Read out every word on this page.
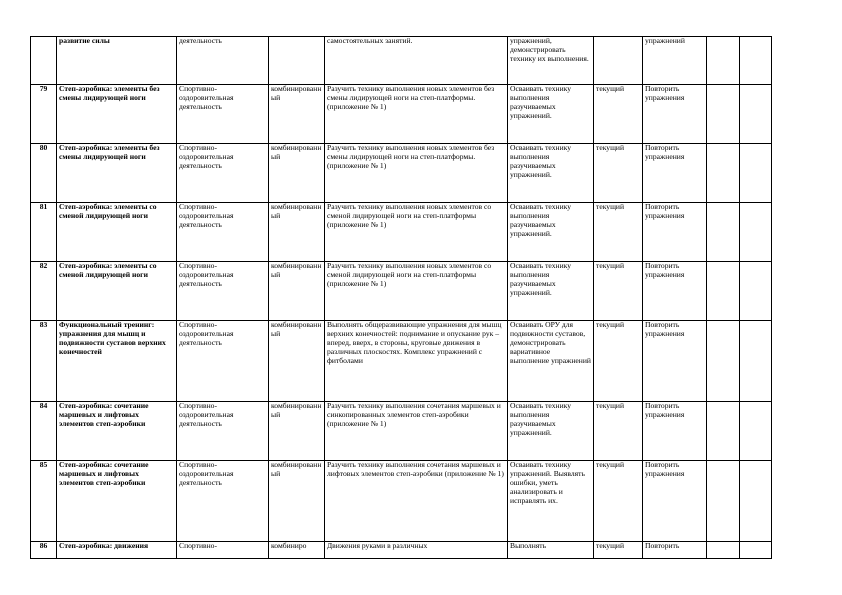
	развитие силы	деятельность		самостоятельных занятий.	упражнений, демонстрировать технику их выполнения.		упражнений		
79	Степ-аэробика: элементы без смены лидирующей ноги	Спортивно-оздоровительная деятельность	комбинированный	Разучить технику выполнения новых элементов без смены лидирующей ноги на степ-платформы. (приложение № 1)	Осваивать технику выполнения разучиваемых упражнений.	текущий	Повторить упражнения		
80	Степ-аэробика: элементы без смены лидирующей ноги	Спортивно-оздоровительная деятельность	комбинированный	Разучить технику выполнения новых элементов без смены лидирующей ноги на степ-платформы. (приложение № 1)	Осваивать технику выполнения разучиваемых упражнений.	текущий	Повторить упражнения		
81	Степ-аэробика: элементы со сменой лидирующей ноги	Спортивно-оздоровительная деятельность	комбинированный	Разучить технику выполнения новых элементов со сменой лидирующей ноги на степ-платформы (приложение № 1)	Осваивать технику выполнения разучиваемых упражнений.	текущий	Повторить упражнения		
82	Степ-аэробика: элементы со сменой лидирующей ноги	Спортивно-оздоровительная деятельность	комбинированный	Разучить технику выполнения новых элементов со сменой лидирующей ноги на степ-платформы (приложение № 1)	Осваивать технику выполнения разучиваемых упражнений.	текущий	Повторить упражнения		
83	Функциональный тренинг: упражнения для мышц и подвижности суставов верхних конечностей	Спортивно-оздоровительная деятельность	комбинированный	Выполнять общеразвивающие упражнения для мышц верхних конечностей: поднимание и опускание рук – вперед, вверх, в стороны, круговые движения в различных плоскостях. Комплекс упражнений с фитболами	Осваивать ОРУ для подвижности суставов, демонстрировать вариативное выполнение упражнений	текущий	Повторить упражнения		
84	Степ-аэробика: сочетание маршевых и лифтовых элементов степ-аэробики	Спортивно-оздоровительная деятельность	комбинированный	Разучить технику выполнения сочетания маршевых и синкопированных элементов степ-аэробики (приложение № 1)	Осваивать технику выполнения разучиваемых упражнений.	текущий	Повторить упражнения		
85	Степ-аэробика: сочетание маршевых и лифтовых элементов степ-аэробики	Спортивно-оздоровительная деятельность	комбинированный	Разучить технику выполнения сочетания маршевых и лифтовых элементов степ-аэробики (приложение № 1)	Осваивать технику упражнений. Выявлять ошибки, уметь анализировать и исправлять их.	текущий	Повторить упражнения		
86	Степ-аэробика: движения	Спортивно-	комбиниро	Движения руками в различных	Выполнять	текущий	Повторить		
